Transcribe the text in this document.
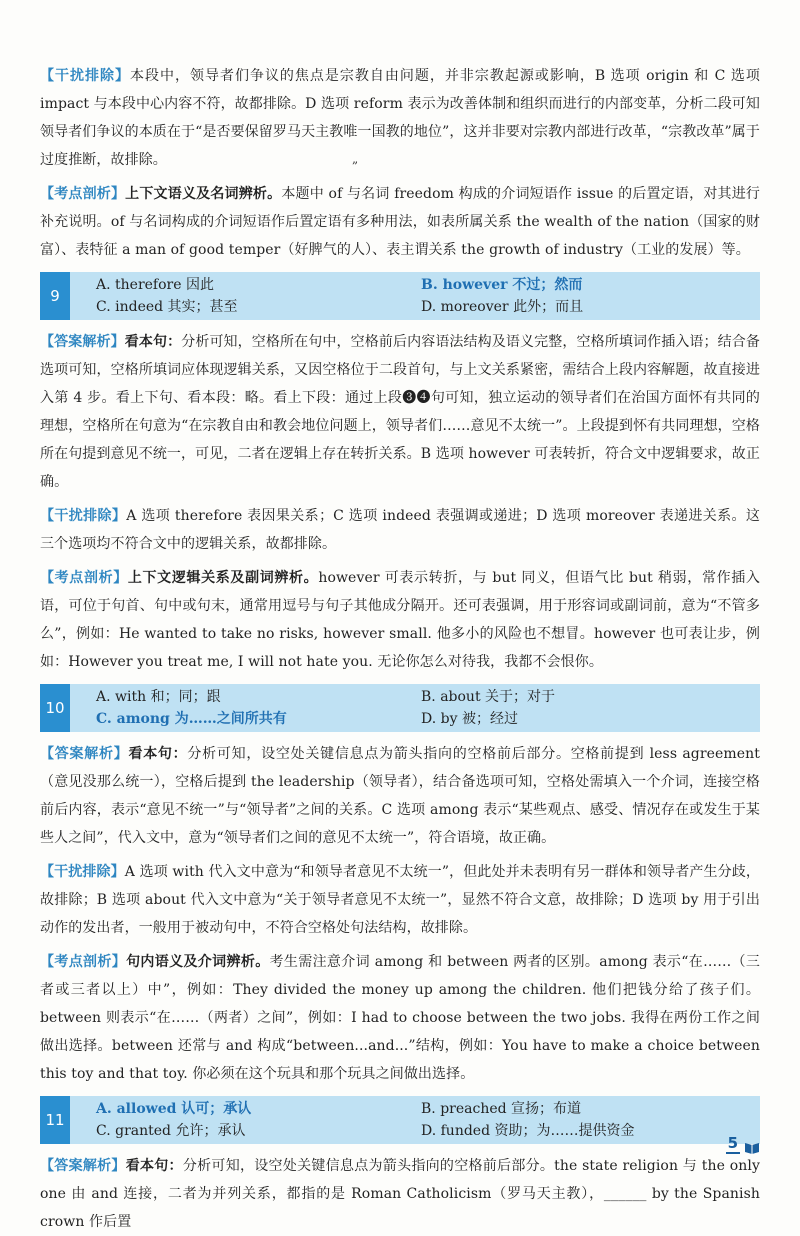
【干扰排除】本段中，领导者们争议的焦点是宗教自由问题，并非宗教起源或影响，B 选项 origin 和 C 选项 impact 与本段中心内容不符，故都排除。D 选项 reform 表示为改善体制和组织而进行的内部变革，分析二段可知领导者们争议的本质在于“是否要保留罗马天主教唯一国教的地位”，这并非要对宗教内部进行改革，“宗教改革”属于过度推断，故排除。	„

【考点剖析】上下文语义及名词辨析。本题中 of 与名词 freedom 构成的介词短语作 issue 的后置定语，对其进行补充说明。of 与名词构成的介词短语作后置定语有多种用法，如表所属关系 the wealth of the nation（国家的财富）、表特征 a man of good temper（好脾气的人）、表主谓关系 the growth of industry（工业的发展）等。

9
A. therefore 因此	B. however 不过；然而
C. indeed 其实；甚至	D. moreover 此外；而且

【答案解析】看本句：分析可知，空格所在句中，空格前后内容语法结构及语义完整，空格所填词作插入语；结合备选项可知，空格所填词应体现逻辑关系，又因空格位于二段首句，与上文关系紧密，需结合上段内容解题，故直接进入第 4 步。看上下句、看本段：略。看上下段：通过上段❸❹句可知，独立运动的领导者们在治国方面怀有共同的理想，空格所在句意为“在宗教自由和教会地位问题上，领导者们……意见不太统一”。上段提到怀有共同理想，空格所在句提到意见不统一，可见，二者在逻辑上存在转折关系。B 选项 however 可表转折，符合文中逻辑要求，故正确。

【干扰排除】A 选项 therefore 表因果关系；C 选项 indeed 表强调或递进；D 选项 moreover 表递进关系。这三个选项均不符合文中的逻辑关系，故都排除。

【考点剖析】上下文逻辑关系及副词辨析。however 可表示转折，与 but 同义，但语气比 but 稍弱，常作插入语，可位于句首、句中或句末，通常用逗号与句子其他成分隔开。还可表强调，用于形容词或副词前，意为“不管多么”，例如：He wanted to take no risks, however small. 他多小的风险也不想冒。however 也可表让步，例如：However you treat me, I will not hate you. 无论你怎么对待我，我都不会恨你。

10
A. with 和；同；跟	B. about 关于；对于
C. among 为……之间所共有	D. by 被；经过

【答案解析】看本句：分析可知，设空处关键信息点为箭头指向的空格前后部分。空格前提到 less agreement（意见没那么统一），空格后提到 the leadership（领导者），结合备选项可知，空格处需填入一个介词，连接空格前后内容，表示“意见不统一”与“领导者”之间的关系。C 选项 among 表示“某些观点、感受、情况存在或发生于某些人之间”，代入文中，意为“领导者们之间的意见不太统一”，符合语境，故正确。

【干扰排除】A 选项 with 代入文中意为“和领导者意见不太统一”，但此处并未表明有另一群体和领导者产生分歧，故排除；B 选项 about 代入文中意为“关于领导者意见不太统一”，显然不符合文意，故排除；D 选项 by 用于引出动作的发出者，一般用于被动句中，不符合空格处句法结构，故排除。

【考点剖析】句内语义及介词辨析。考生需注意介词 among 和 between 两者的区别。among 表示“在……（三者或三者以上）中”，例如：They divided the money up among the children. 他们把钱分给了孩子们。between 则表示“在……（两者）之间”，例如：I had to choose between the two jobs. 我得在两份工作之间做出选择。between 还常与 and 构成“between...and...”结构，例如：You have to make a choice between this toy and that toy. 你必须在这个玩具和那个玩具之间做出选择。

11
A. allowed 认可；承认	B. preached 宣扬；布道
C. granted 允许；承认	D. funded 资助；为……提供资金

【答案解析】看本句：分析可知，设空处关键信息点为箭头指向的空格前后部分。the state religion 与 the only one 由 and 连接，二者为并列关系，都指的是 Roman Catholicism（罗马天主教），______ by the Spanish crown 作后置

5
